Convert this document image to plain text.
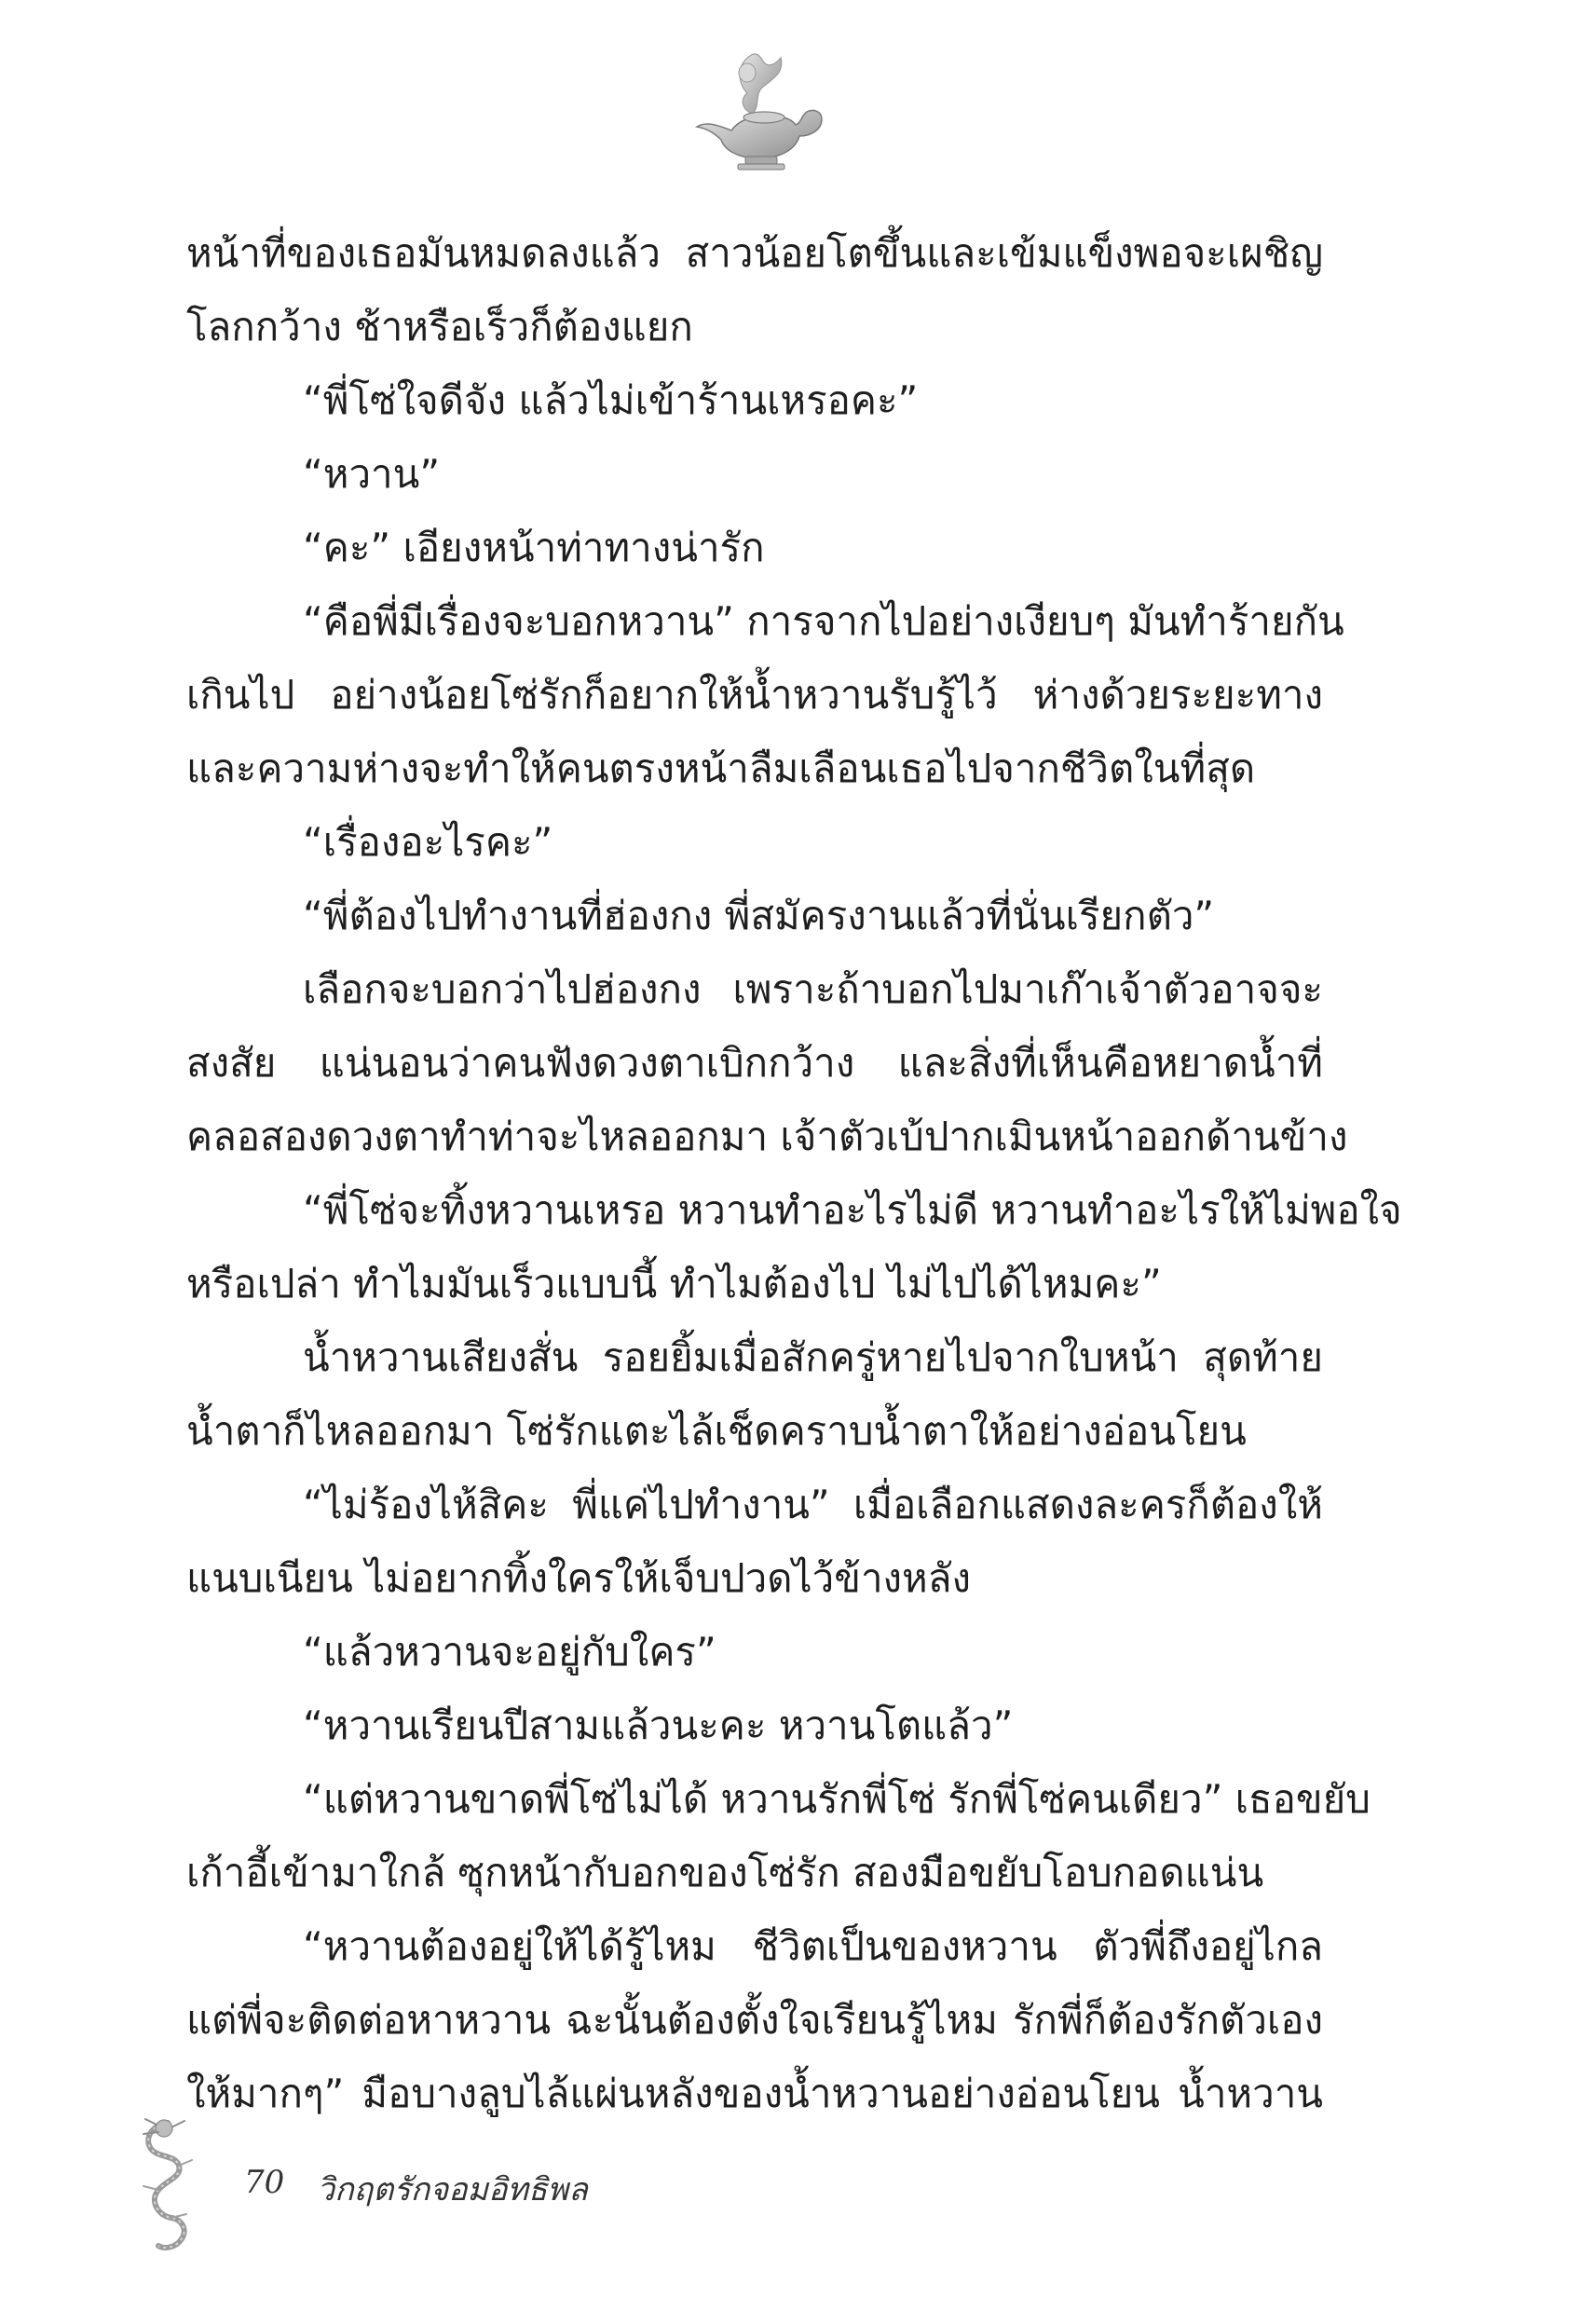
หน้าที่ของเธอมันหมดลงแล้ว สาวน้อยโตขึ้นและเข้มแข็งพอจะเผชิญ
โลกกว้าง ช้าหรือเร็วก็ต้องแยก
“พี่โซ่ใจดีจัง แล้วไม่เข้าร้านเหรอคะ”
“หวาน”
“คะ” เอียงหน้าท่าทางน่ารัก
“คือพี่มีเรื่องจะบอกหวาน” การจากไปอย่างเงียบๆ มันทำร้ายกัน
เกินไป อย่างน้อยโซ่รักก็อยากให้น้ำหวานรับรู้ไว้ ห่างด้วยระยะทาง
และความห่างจะทำให้คนตรงหน้าลืมเลือนเธอไปจากชีวิตในที่สุด
“เรื่องอะไรคะ”
“พี่ต้องไปทำงานที่ฮ่องกง พี่สมัครงานแล้วที่นั่นเรียกตัว”
เลือกจะบอกว่าไปฮ่องกง เพราะถ้าบอกไปมาเก๊าเจ้าตัวอาจจะ
สงสัย แน่นอนว่าคนฟังดวงตาเบิกกว้าง และสิ่งที่เห็นคือหยาดน้ำที่
คลอสองดวงตาทำท่าจะไหลออกมา เจ้าตัวเบ้ปากเมินหน้าออกด้านข้าง
“พี่โซ่จะทิ้งหวานเหรอ หวานทำอะไรไม่ดี หวานทำอะไรให้ไม่พอใจ
หรือเปล่า ทำไมมันเร็วแบบนี้ ทำไมต้องไป ไม่ไปได้ไหมคะ”
น้ำหวานเสียงสั่น รอยยิ้มเมื่อสักครู่หายไปจากใบหน้า สุดท้าย
น้ำตาก็ไหลออกมา โซ่รักแตะไล้เช็ดคราบน้ำตาให้อย่างอ่อนโยน
“ไม่ร้องไห้สิคะ พี่แค่ไปทำงาน” เมื่อเลือกแสดงละครก็ต้องให้
แนบเนียน ไม่อยากทิ้งใครให้เจ็บปวดไว้ข้างหลัง
“แล้วหวานจะอยู่กับใคร”
“หวานเรียนปีสามแล้วนะคะ หวานโตแล้ว”
“แต่หวานขาดพี่โซ่ไม่ได้ หวานรักพี่โซ่ รักพี่โซ่คนเดียว” เธอขยับ
เก้าอี้เข้ามาใกล้ ซุกหน้ากับอกของโซ่รัก สองมือขยับโอบกอดแน่น
“หวานต้องอยู่ให้ได้รู้ไหม ชีวิตเป็นของหวาน ตัวพี่ถึงอยู่ไกล
แต่พี่จะติดต่อหาหวาน ฉะนั้นต้องตั้งใจเรียนรู้ไหม รักพี่ก็ต้องรักตัวเอง
ให้มากๆ” มือบางลูบไล้แผ่นหลังของน้ำหวานอย่างอ่อนโยน น้ำหวาน
70 วิกฤตรักจอมอิทธิพล
